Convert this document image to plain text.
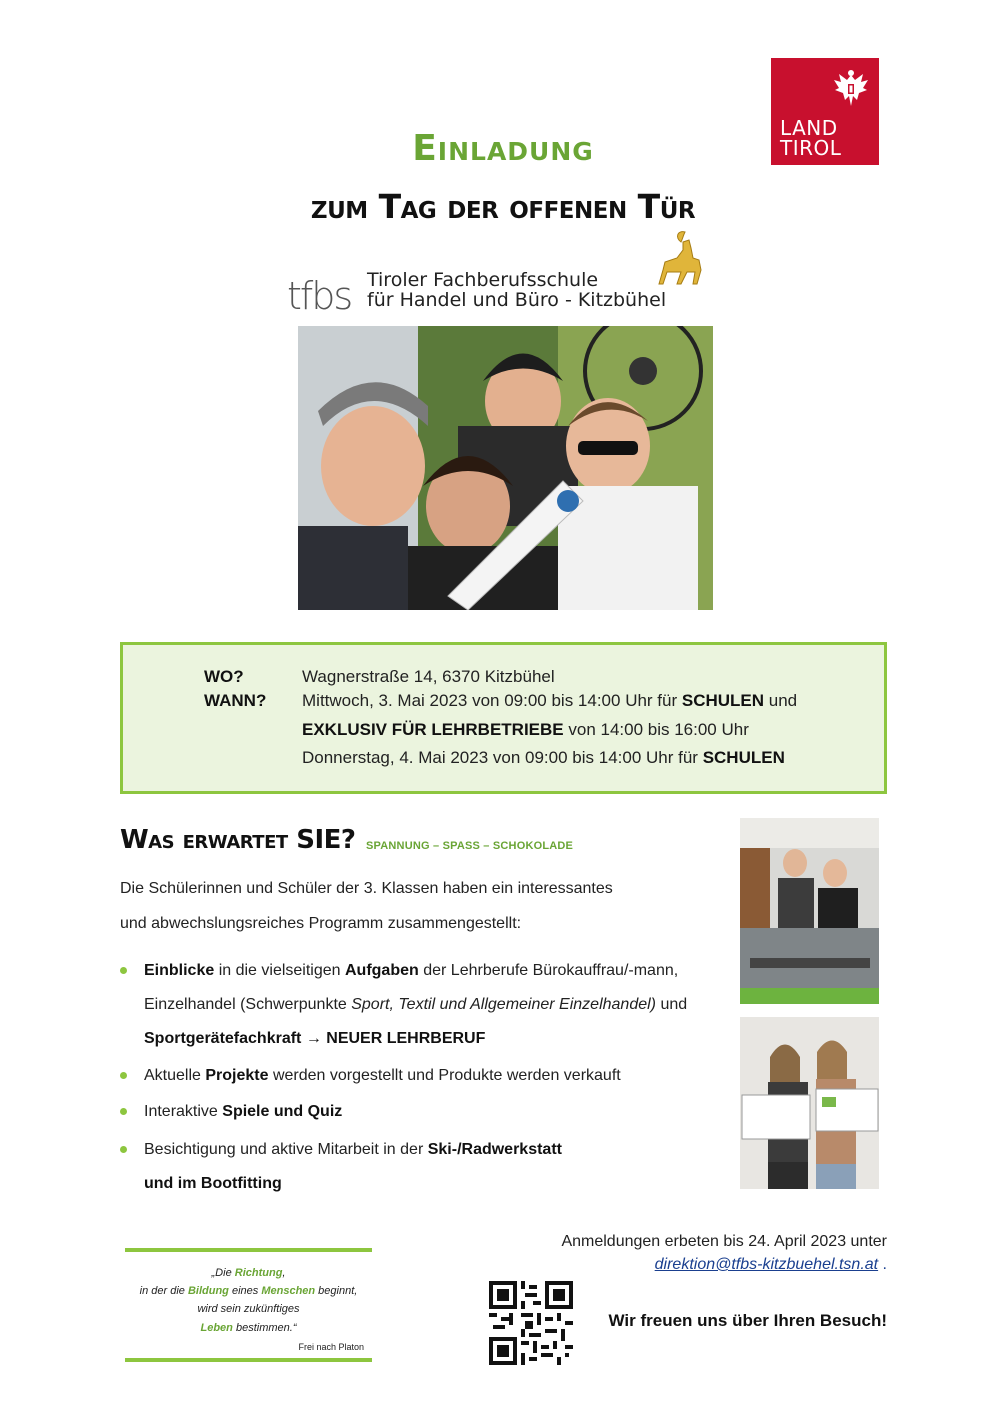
LAND
TIROL
Einladung
zum Tag der offenen Tür
tfbs Tiroler Fachberufsschule
für Handel und Büro - Kitzbühel
WO?
WANN?
Wagnerstraße 14, 6370 Kitzbühel
Mittwoch, 3. Mai 2023 von 09:00 bis 14:00 Uhr für SCHULEN und
EXKLUSIV FÜR LEHRBETRIEBE von 14:00 bis 16:00 Uhr
Donnerstag, 4. Mai 2023 von 09:00 bis 14:00 Uhr für SCHULEN
Was erwartet SIE? SPANNUNG – SPASS – SCHOKOLADE
Die Schülerinnen und Schüler der 3. Klassen haben ein interessantes
und abwechslungsreiches Programm zusammengestellt:
Einblicke in die vielseitigen Aufgaben der Lehrberufe Bürokauffrau/-mann,
Einzelhandel (Schwerpunkte Sport, Textil und Allgemeiner Einzelhandel) und
Sportgerätefachkraft → NEUER LEHRBERUF
Aktuelle Projekte werden vorgestellt und Produkte werden verkauft
Interaktive Spiele und Quiz
Besichtigung und aktive Mitarbeit in der Ski-/Radwerkstatt
und im Bootfitting
„Die Richtung,
in der die Bildung eines Menschen beginnt,
wird sein zukünftiges
Leben bestimmen.“
Frei nach Platon
Anmeldungen erbeten bis 24. April 2023 unter
direktion@tfbs-kitzbuehel.tsn.at .
Wir freuen uns über Ihren Besuch!
